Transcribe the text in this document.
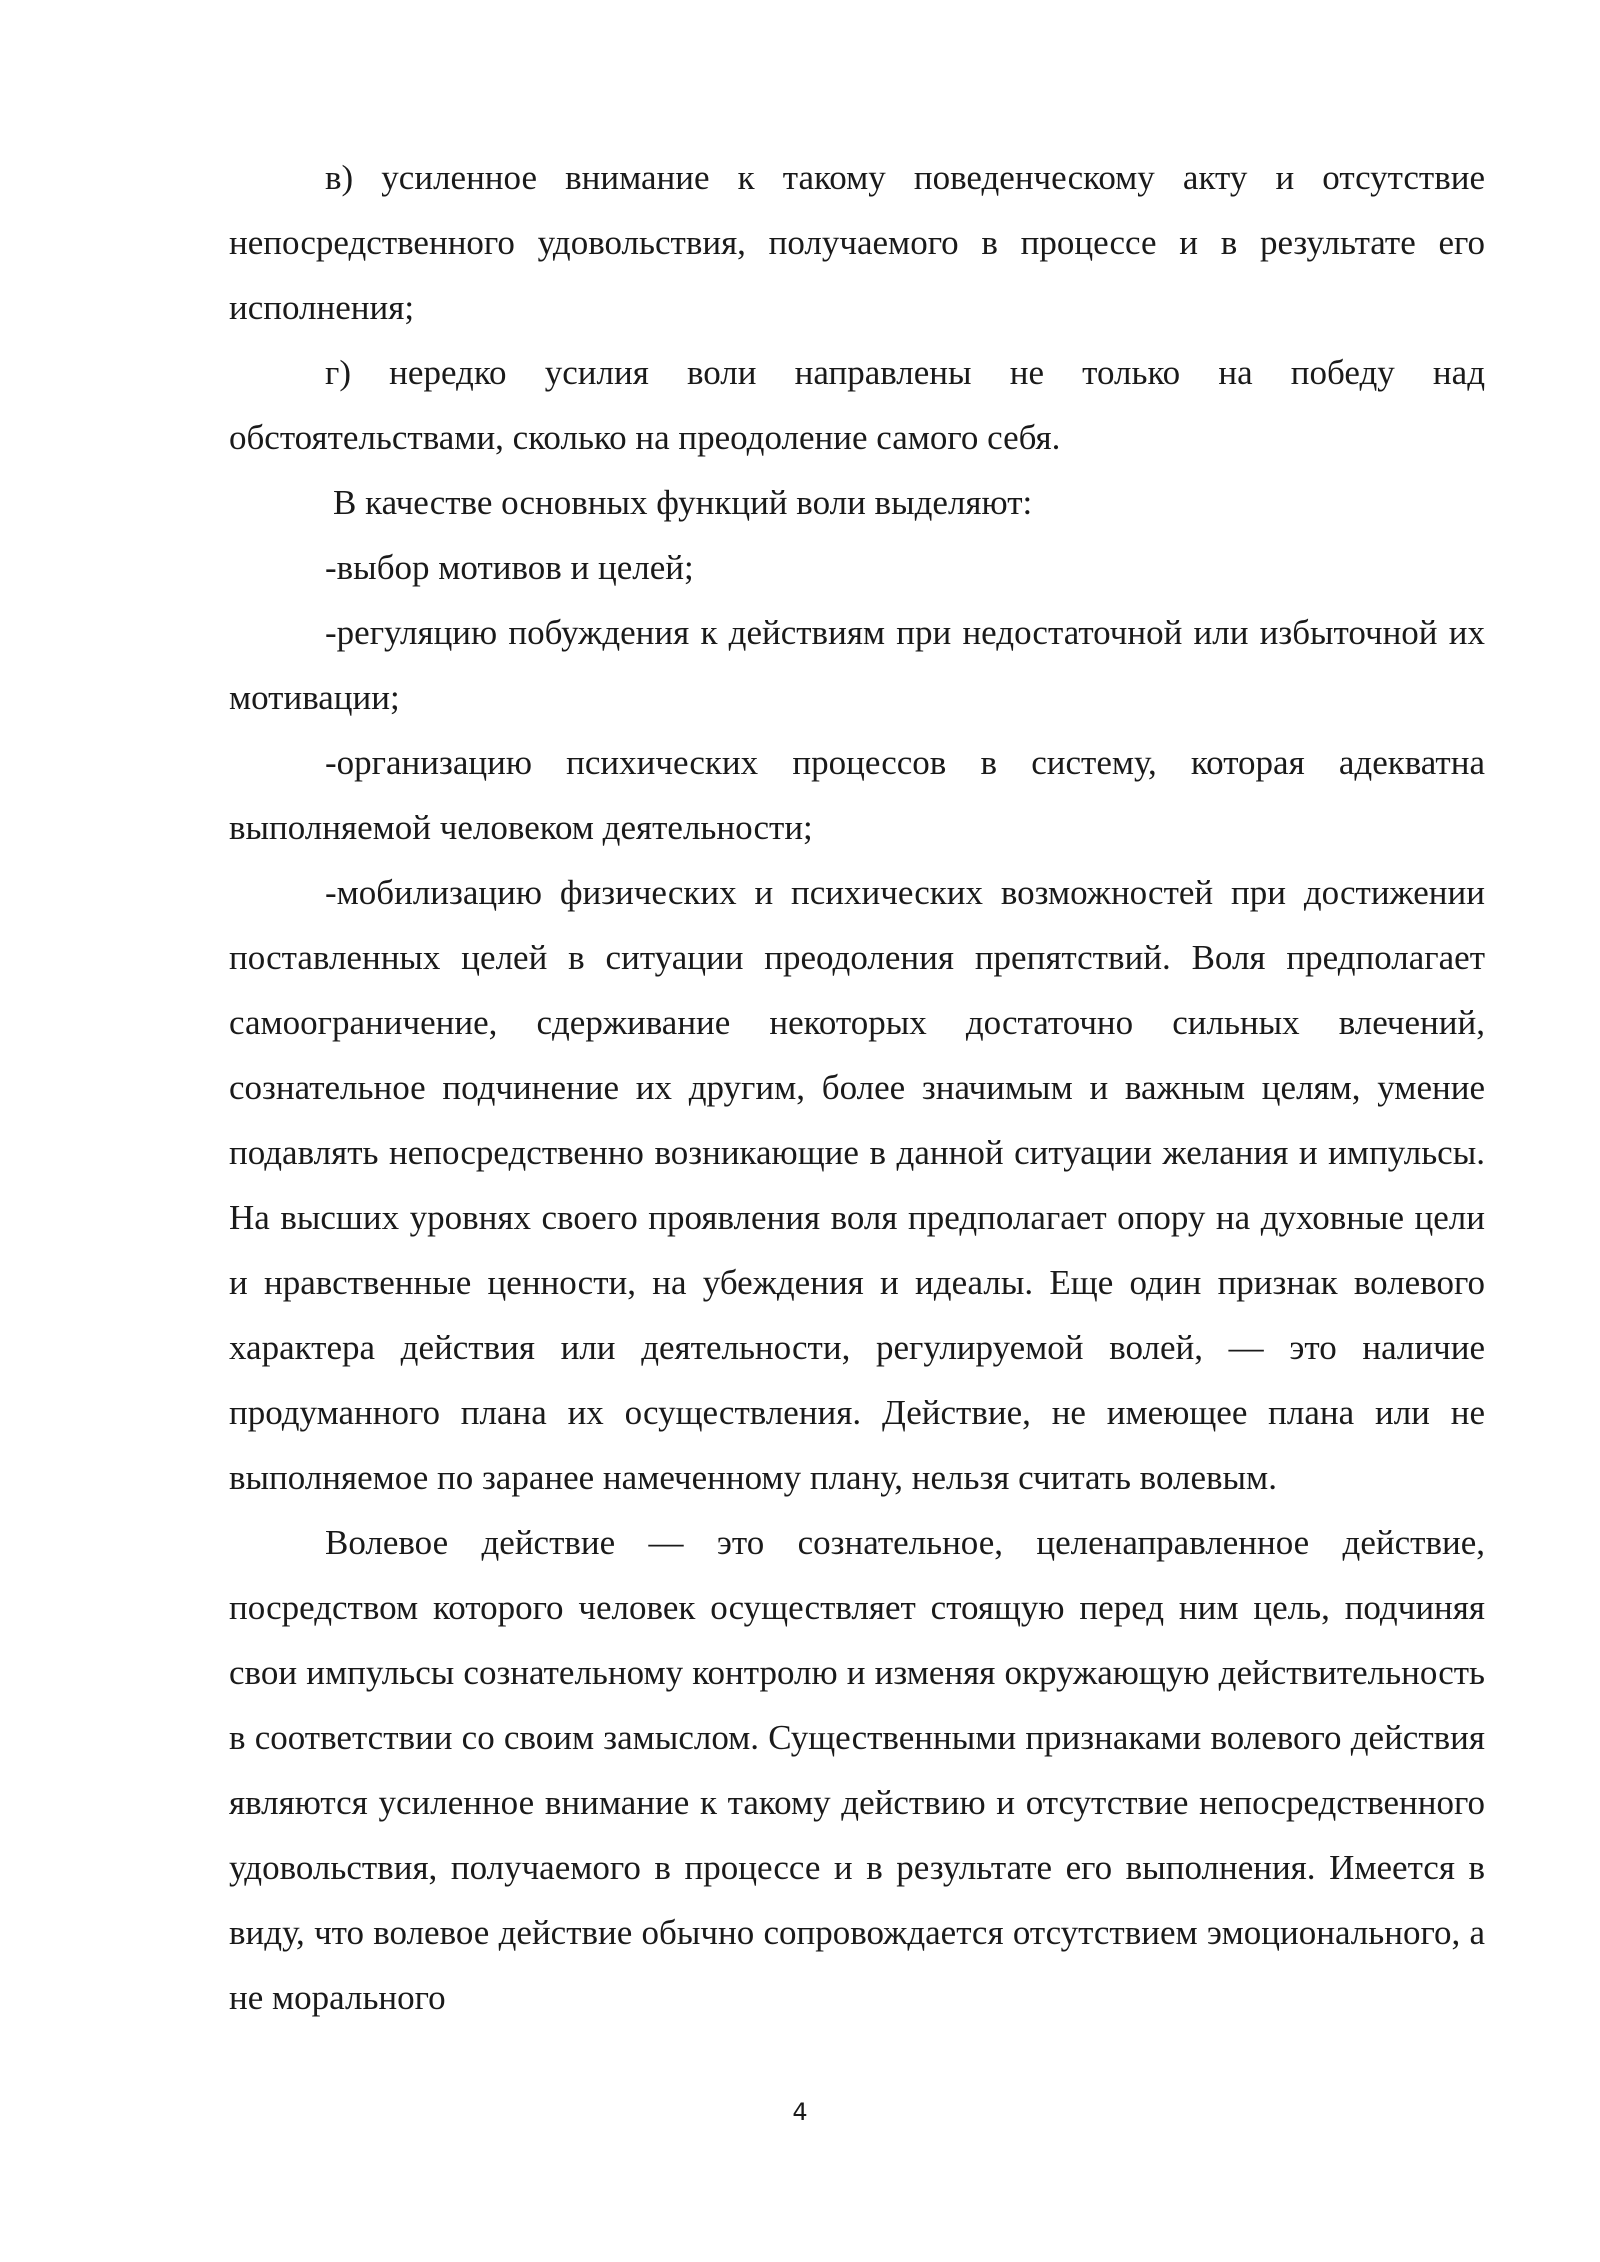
в) усиленное внимание к такому поведенческому акту и отсутствие непосредственного удовольствия, получаемого в процессе и в результате его исполнения;

г) нередко усилия воли направлены не только на победу над обстоятельствами, сколько на преодоление самого себя.

В качестве основных функций воли выделяют:

-выбор мотивов и целей;

-регуляцию побуждения к действиям при недостаточной или избыточной их мотивации;

-организацию психических процессов в систему, которая адекватна выполняемой человеком деятельности;

-мобилизацию физических и психических возможностей при достижении поставленных целей в ситуации преодоления препятствий. Воля предполагает самоограничение, сдерживание некоторых достаточно сильных влечений, сознательное подчинение их другим, более значимым и важным целям, умение подавлять непосредственно возникающие в данной ситуации желания и импульсы. На высших уровнях своего проявления воля предполагает опору на духовные цели и нравственные ценности, на убеждения и идеалы. Еще один признак волевого характера действия или деятельности, регулируемой волей, — это наличие продуманного плана их осуществления. Действие, не имеющее плана или не выполняемое по заранее намеченному плану, нельзя считать волевым.

Волевое действие — это сознательное, целенаправленное действие, посредством которого человек осуществляет стоящую перед ним цель, подчиняя свои импульсы сознательному контролю и изменяя окружающую действительность в соответствии со своим замыслом. Существенными признаками волевого действия являются усиленное внимание к такому действию и отсутствие непосредственного удовольствия, получаемого в процессе и в результате его выполнения. Имеется в виду, что волевое действие обычно сопровождается отсутствием эмоционального, а не морального

4
